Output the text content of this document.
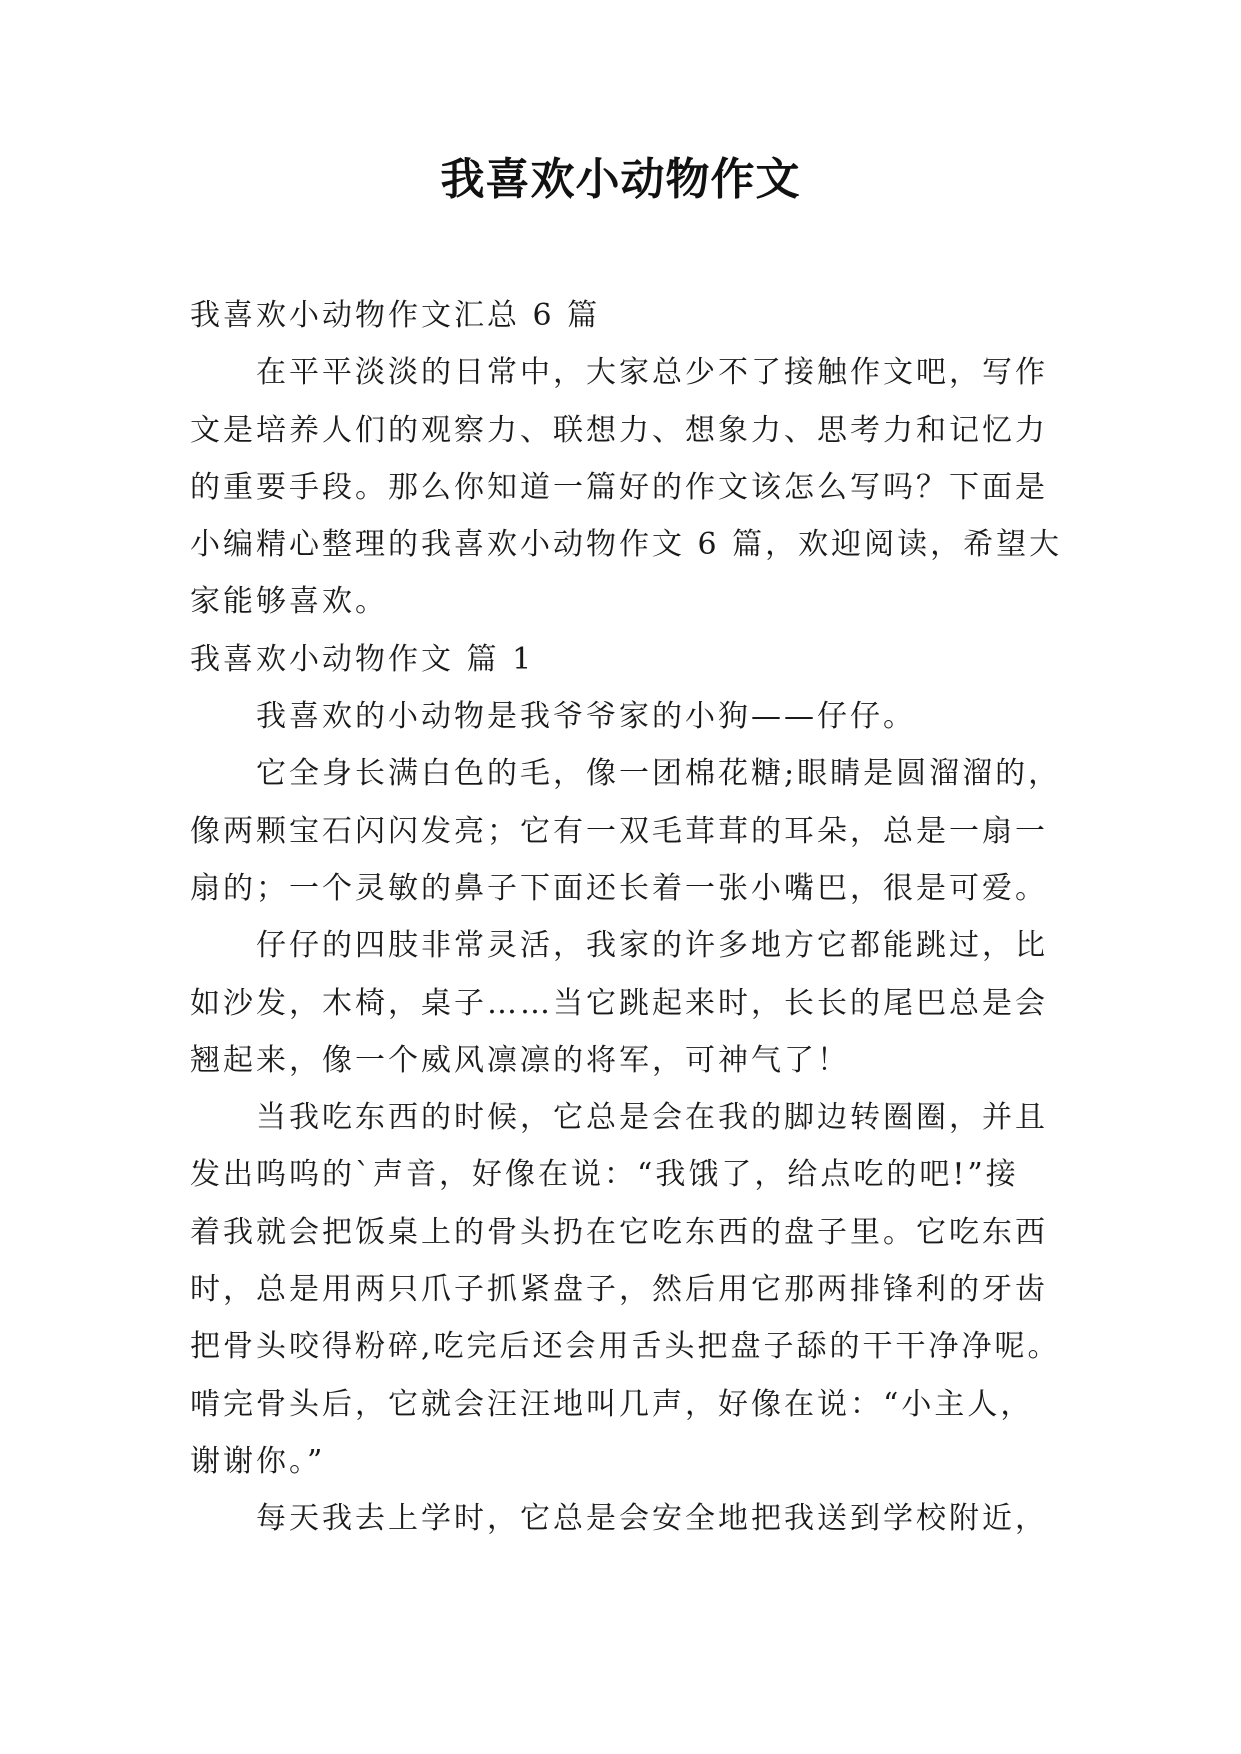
我喜欢小动物作文
我喜欢小动物作文汇总 6 篇
在平平淡淡的日常中，大家总少不了接触作文吧，写作
文是培养人们的观察力、联想力、想象力、思考力和记忆力
的重要手段。那么你知道一篇好的作文该怎么写吗？下面是
小编精心整理的我喜欢小动物作文 6 篇，欢迎阅读，希望大
家能够喜欢。
我喜欢小动物作文 篇 1
我喜欢的小动物是我爷爷家的小狗——仔仔。
它全身长满白色的毛，像一团棉花糖;眼睛是圆溜溜的，
像两颗宝石闪闪发亮；它有一双毛茸茸的耳朵，总是一扇一
扇的；一个灵敏的鼻子下面还长着一张小嘴巴，很是可爱。
仔仔的四肢非常灵活，我家的许多地方它都能跳过，比
如沙发，木椅，桌子……当它跳起来时，长长的尾巴总是会
翘起来，像一个威风凛凛的将军，可神气了！
当我吃东西的时候，它总是会在我的脚边转圈圈，并且
发出呜呜的`声音，好像在说：“我饿了，给点吃的吧!”接
着我就会把饭桌上的骨头扔在它吃东西的盘子里。它吃东西
时，总是用两只爪子抓紧盘子，然后用它那两排锋利的牙齿
把骨头咬得粉碎,吃完后还会用舌头把盘子舔的干干净净呢。
啃完骨头后，它就会汪汪地叫几声，好像在说：“小主人，
谢谢你。”
每天我去上学时，它总是会安全地把我送到学校附近，
